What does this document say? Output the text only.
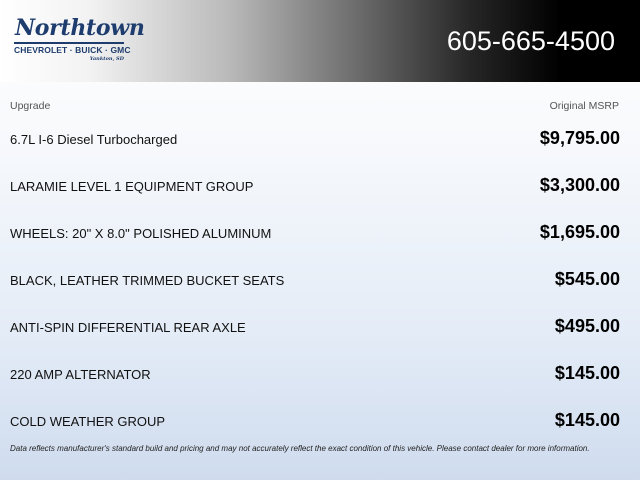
Northtown
CHEVROLET · BUICK · GMC
Yankton, SD
605-665-4500
Upgrade	Original MSRP
6.7L I-6 Diesel Turbocharged	$9,795.00
LARAMIE LEVEL 1 EQUIPMENT GROUP	$3,300.00
WHEELS: 20" X 8.0" POLISHED ALUMINUM	$1,695.00
BLACK, LEATHER TRIMMED BUCKET SEATS	$545.00
ANTI-SPIN DIFFERENTIAL REAR AXLE	$495.00
220 AMP ALTERNATOR	$145.00
COLD WEATHER GROUP	$145.00
Data reflects manufacturer's standard build and pricing and may not accurately reflect the exact condition of this vehicle. Please contact dealer for more information.
